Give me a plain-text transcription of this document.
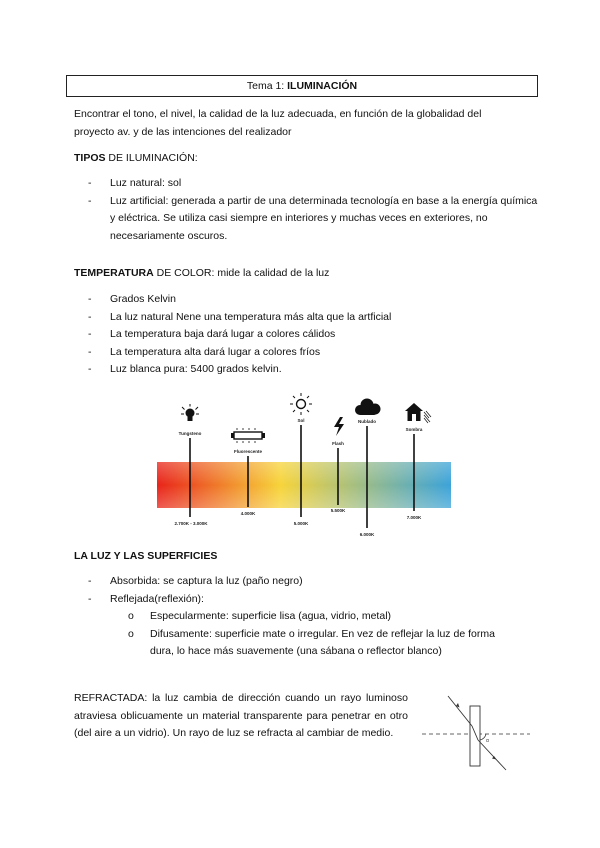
Tema 1: ILUMINACIÓN
Encontrar el tono, el nivel, la calidad de la luz adecuada, en función de la globalidad del proyecto av. y de las intenciones del realizador
TIPOS DE ILUMINACIÓN:
- Luz natural: sol
- Luz artificial: generada a partir de una determinada tecnología en base a la energía química y eléctrica. Se utiliza casi siempre en interiores y muchas veces en exteriores, no necesariamente oscuros.
TEMPERATURA DE COLOR: mide la calidad de la luz
- Grados Kelvin
- La luz natural Nene una temperatura más alta que la artficial
- La temperatura baja dará lugar a colores cálidos
- La temperatura alta dará lugar a colores fríos
- Luz blanca pura: 5400 grados kelvin.
Tungsteno
2.700K - 3.000K
Fluorescente
4.000K
Sol
5.000K
Flash
5.500K
Nublado
6.000K
Sombra
7.000K
LA LUZ Y LAS SUPERFICIES
- Absorbida: se captura la luz (paño negro)
- Reflejada(reflexión):
o Especularmente: superficie lisa (agua, vidrio, metal)
o Difusamente: superficie mate o irregular. En vez de reflejar la luz de forma dura, lo hace más suavemente (una sábana o reflector blanco)
REFRACTADA: la luz cambia de dirección cuando un rayo luminoso atraviesa oblicuamente un material transparente para penetrar en otro (del aire a un vidrio). Un rayo de luz se refracta al cambiar de medio.
α
